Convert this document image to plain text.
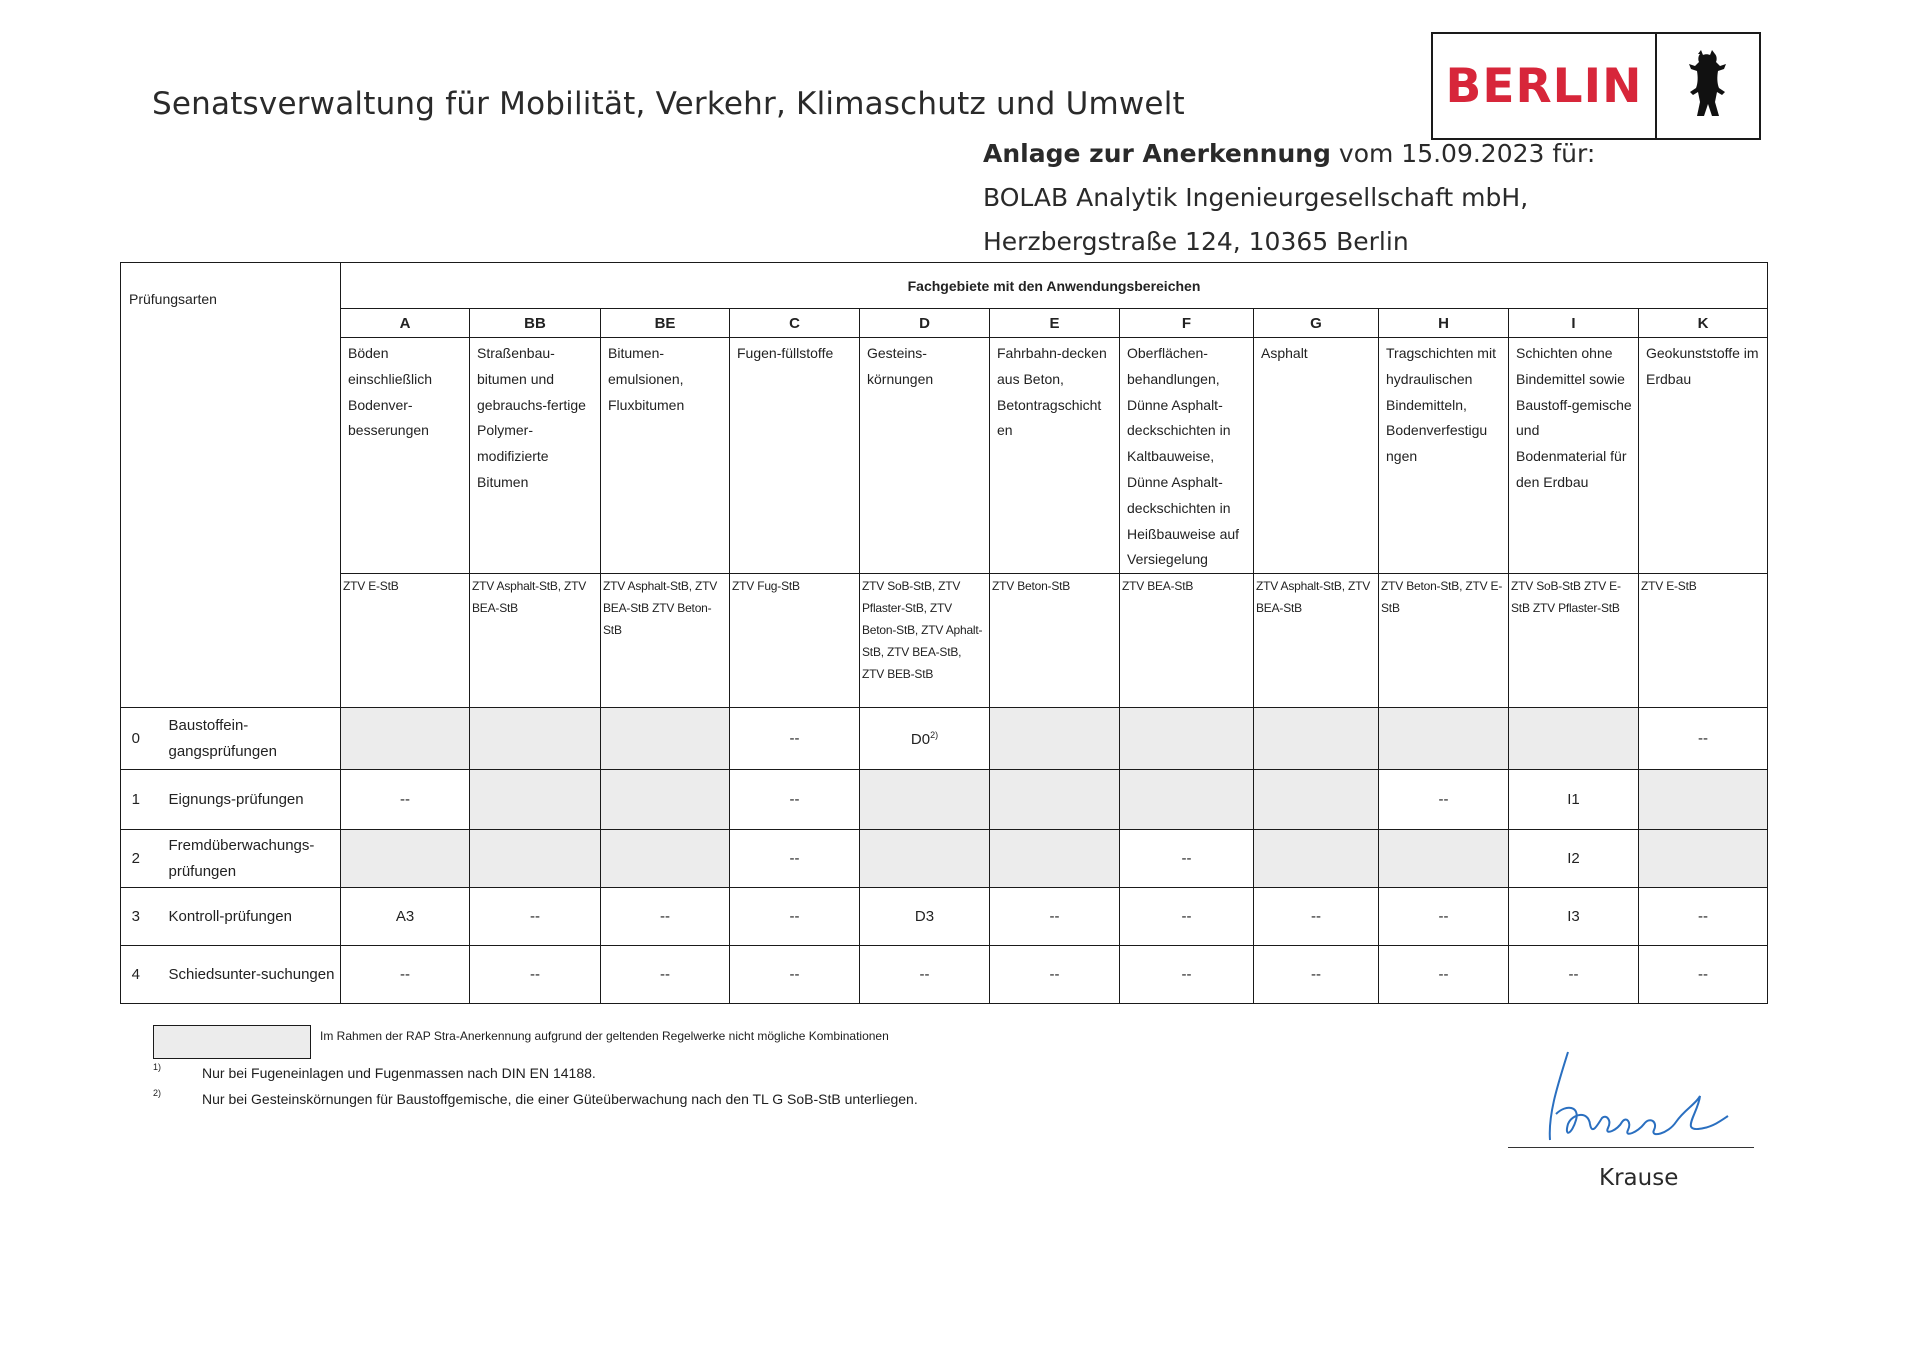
Senatsverwaltung für Mobilität, Verkehr, Klimaschutz und Umwelt	BERLIN
Anlage zur Anerkennung vom 15.09.2023 für:
BOLAB Analytik Ingenieurgesellschaft mbH,
Herzbergstraße 124, 10365 Berlin
Prüfungsarten		Fachgebiete mit den Anwendungsbereichen										
		A	BB	BE	C	D	E	F	G	H	I	K

		Böden einschließlich Bodenver-besserungen	Straßenbau-bitumen und gebrauchs-fertige Polymer-modifizierte Bitumen	Bitumen-emulsionen, Fluxbitumen	Fugen-füllstoffe	Gesteins-körnungen	Fahrbahn-decken aus Beton, Betontragschicht en	Oberflächen-behandlungen, Dünne Asphalt-deckschichten in Kaltbauweise, Dünne Asphalt-deckschichten in Heißbauweise auf Versiegelung	Asphalt	Tragschichten mit hydraulischen Bindemitteln, Bodenverfestigu ngen	Schichten ohne Bindemittel sowie Baustoff-gemische und Bodenmaterial für den Erdbau	Geokunststoffe im Erdbau

		ZTV E-StB	ZTV Asphalt-StB, ZTV BEA-StB	ZTV Asphalt-StB, ZTV BEA-StB ZTV Beton-StB	ZTV Fug-StB	ZTV SoB-StB, ZTV Pflaster-StB, ZTV Beton-StB, ZTV Aphalt-StB, ZTV BEA-StB, ZTV BEB-StB	ZTV Beton-StB	ZTV BEA-StB	ZTV Asphalt-StB, ZTV BEA-StB	ZTV Beton-StB, ZTV E-StB	ZTV SoB-StB ZTV E-StB ZTV Pflaster-StB	ZTV E-StB

0	Baustoffein-gangsprüfungen				--	D0$^{2)}$						--
1	Eignungs-prüfungen	--			--					--	I1	
2	Fremdüberwachungs-prüfungen				--			--			I2	
3	Kontroll-prüfungen	A3	--	--	--	D3	--	--	--	--	I3	--
4	Schiedsunter-suchungen	--	--	--	--	--	--	--	--	--	--	--
Im Rahmen der RAP Stra-Anerkennung aufgrund der geltenden Regelwerke nicht mögliche Kombinationen
1)	Nur bei Fugeneinlagen und Fugenmassen nach DIN EN 14188.
2)	Nur bei Gesteinskörnungen für Baustoffgemische, die einer Güteüberwachung nach den TL G SoB-StB unterliegen.
Krause
